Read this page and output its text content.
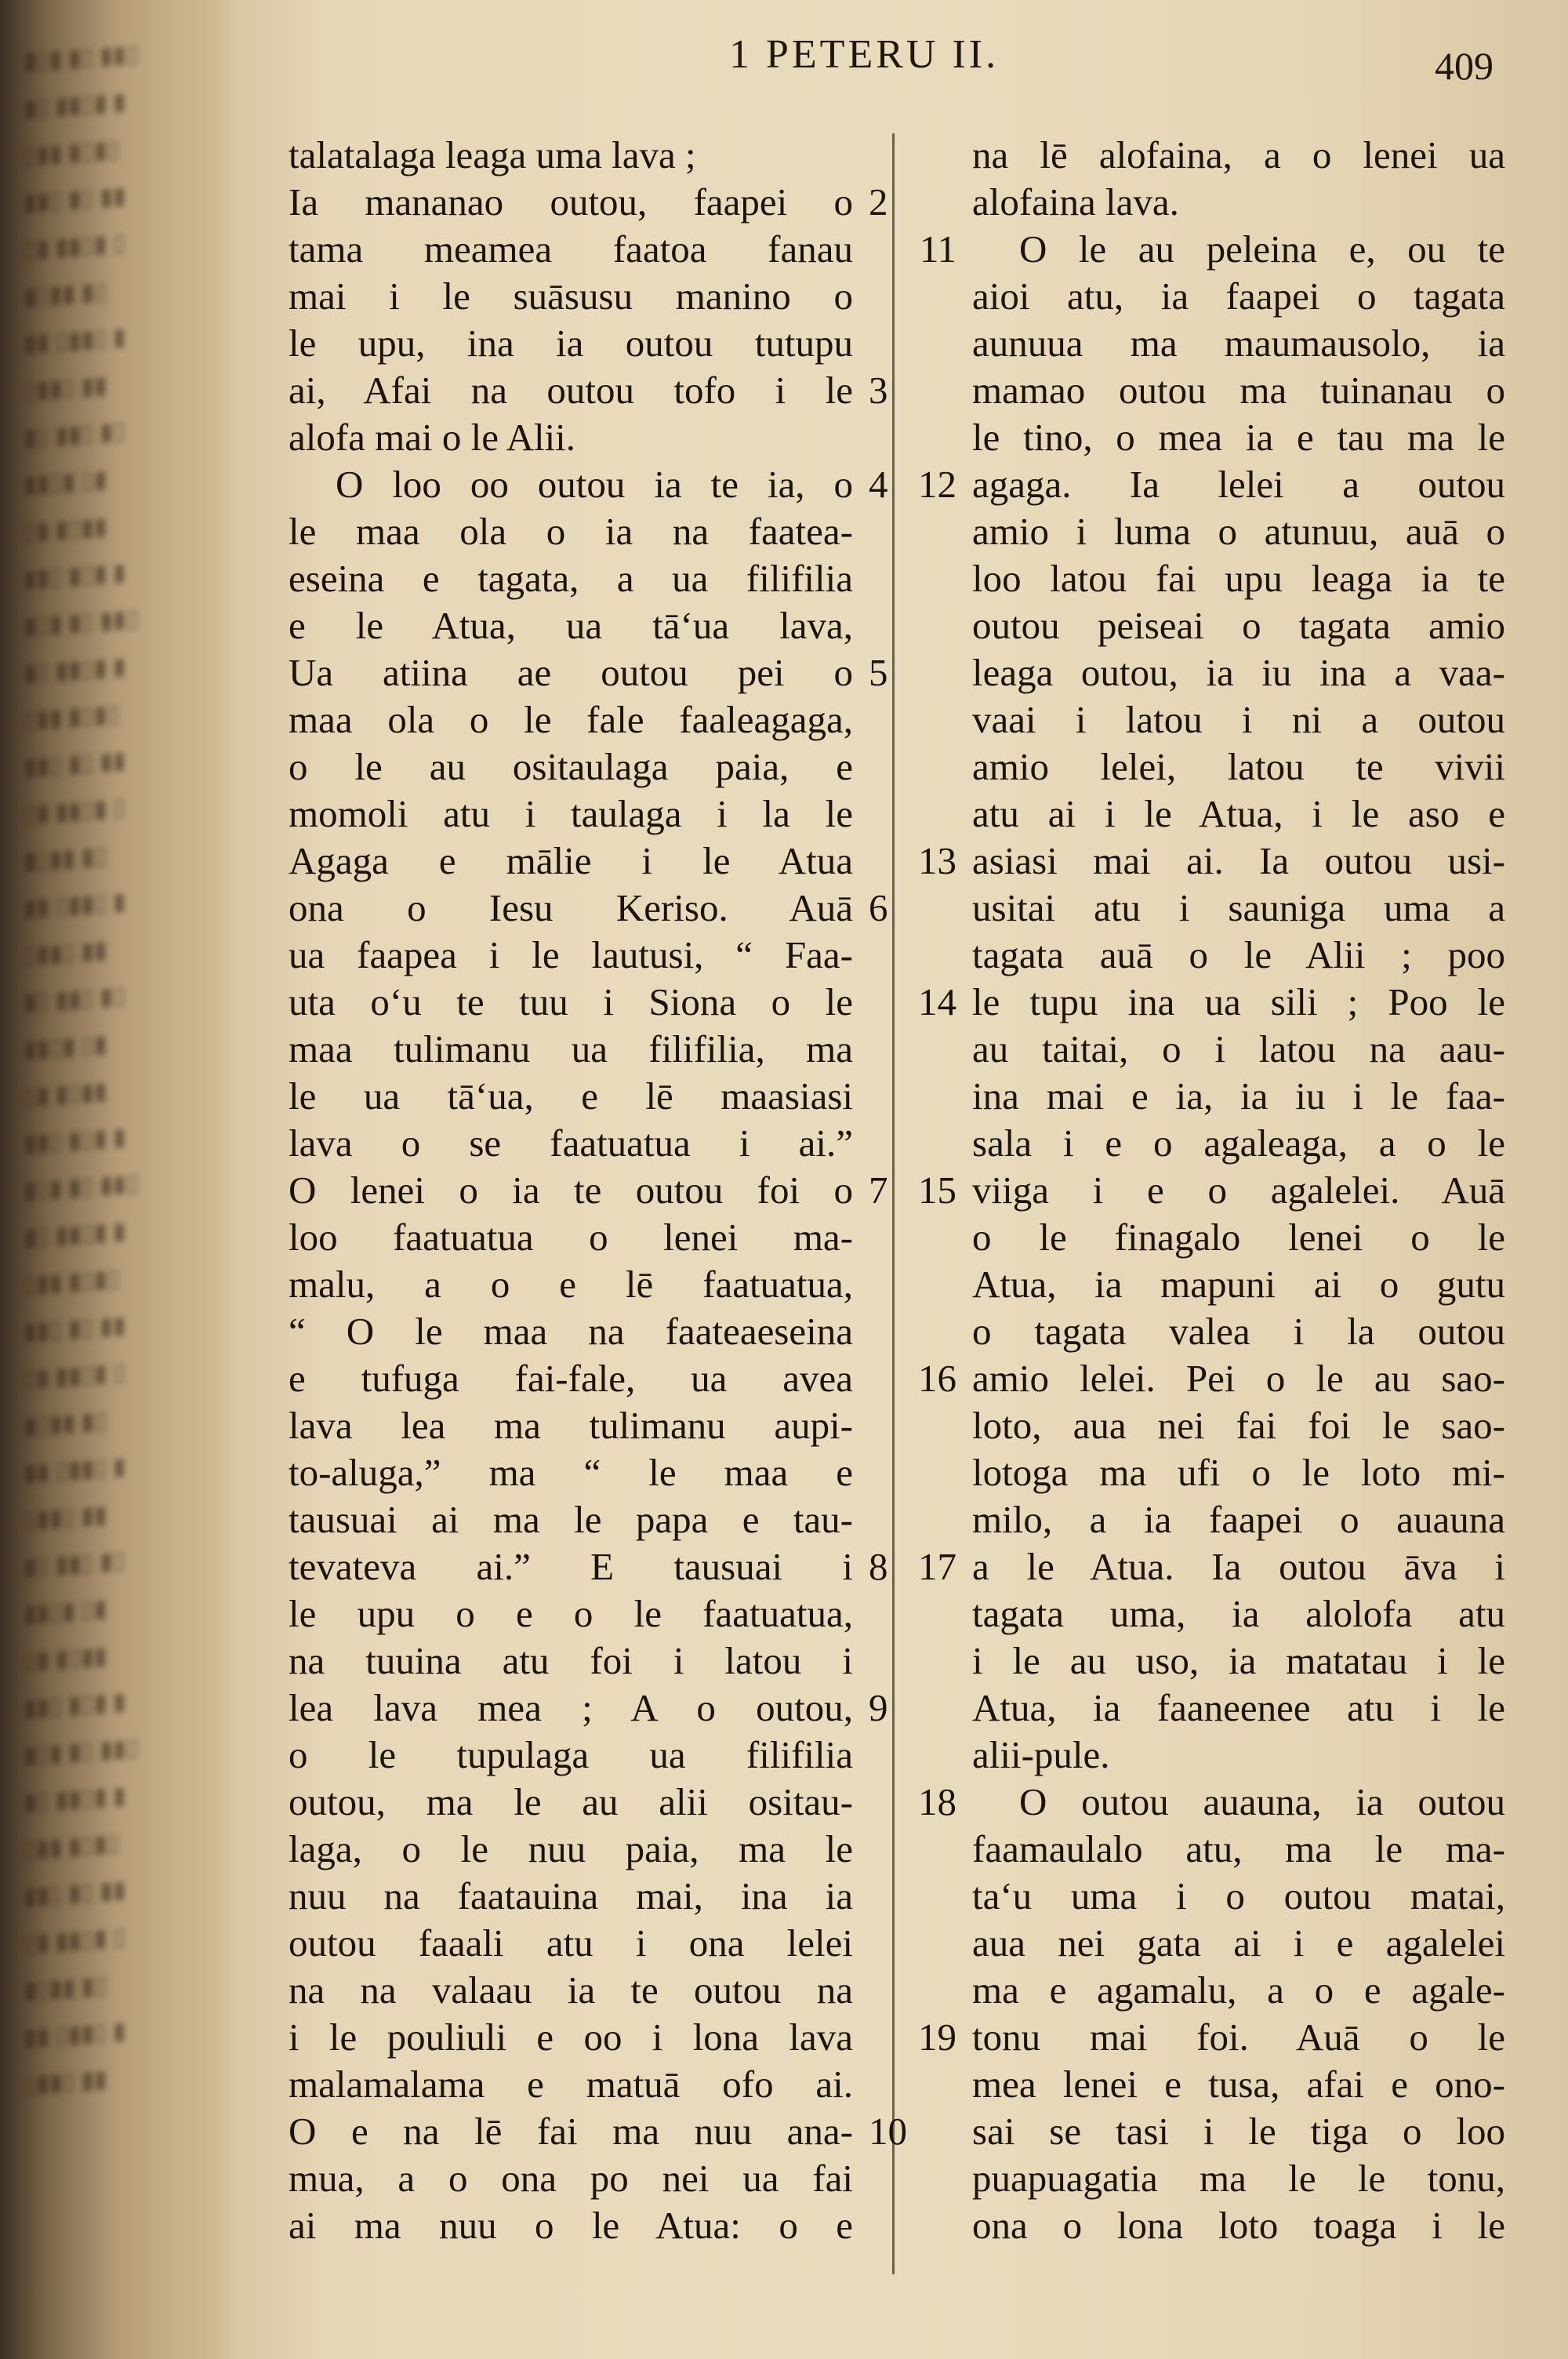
▮▯▮ ▮▯ ▮▮▯
▮▯ ▮▮▯▮ ▮
▯▮▮ ▮▯▮▯
▮▮▯ ▮▯ ▮▮
▯▮ ▮▮▯▮ ▯
▮▯▮▮ ▮▯
▮▮ ▯▮▮▯ ▮
▯▮▮▯ ▮▮
▮▯ ▮▮▯ ▮▯
▮▮▯▮ ▯▮
▯▮ ▮▯▮▮
▮▮▯ ▮▯▮ ▮
▮▯▮ ▮▯ ▮▮▯
▮▯ ▮▮▯▮ ▮
▯▮▮ ▮▯▮▯
▮▮▯ ▮▯ ▮▮
▯▮ ▮▮▯▮ ▯
▮▯▮▮ ▮▯
▮▮ ▯▮▮▯ ▮
▯▮▮▯ ▮▮
▮▯ ▮▮▯ ▮▯
▮▮▯▮ ▯▮
▯▮ ▮▯▮▮
▮▮▯ ▮▯▮ ▮
▮▯▮ ▮▯ ▮▮▯
▮▯ ▮▮▯▮ ▮
▯▮▮ ▮▯▮▯
▮▮▯ ▮▯ ▮▮
▯▮ ▮▮▯▮ ▯
▮▯▮▮ ▮▯
▮▮ ▯▮▮▯ ▮
▯▮▮▯ ▮▮
▮▯ ▮▮▯ ▮▯
▮▮▯▮ ▯▮
▯▮ ▮▯▮▮
▮▮▯ ▮▯▮ ▮
▮▯▮ ▮▯ ▮▮▯
▮▯ ▮▮▯▮ ▮
▯▮▮ ▮▯▮▯
▮▮▯ ▮▯ ▮▮
▯▮ ▮▮▯▮ ▯
▮▯▮▮ ▮▯
▮▮ ▯▮▮▯ ▮
▯▮▮▯ ▮▮
1 PETERU II.	409
talatalaga leaga uma lava ;
Ia mananao outou, faapei o
tama meamea faatoa fanau
mai i le suāsusu manino o
le upu, ina ia outou tutupu
ai, Afai na outou tofo i le
alofa mai o le Alii.
O loo oo outou ia te ia, o
le maa ola o ia na faatea-
eseina e tagata, a ua filifilia
e le Atua, ua tā‘ua lava,
Ua atiina ae outou pei o
maa ola o le fale faaleagaga,
o le au ositaulaga paia, e
momoli atu i taulaga i la le
Agaga e mālie i le Atua
ona o Iesu Keriso. Auā
ua faapea i le lautusi, “ Faa-
uta o‘u te tuu i Siona o le
maa tulimanu ua filifilia, ma
le ua tā‘ua, e lē maasiasi
lava o se faatuatua i ai.”
O lenei o ia te outou foi o
loo faatuatua o lenei ma-
malu, a o e lē faatuatua,
“ O le maa na faateaeseina
e tufuga fai-fale, ua avea
lava lea ma tulimanu aupi-
to-aluga,” ma “ le maa e
tausuai ai ma le papa e tau-
tevateva ai.” E tausuai i
le upu o e o le faatuatua,
na tuuina atu foi i latou i
lea lava mea ; A o outou,
o le tupulaga ua filifilia
outou, ma le au alii ositau-
laga, o le nuu paia, ma le
nuu na faatauina mai, ina ia
outou faaali atu i ona lelei
na na valaau ia te outou na
i le pouliuli e oo i lona lava
malamalama e matuā ofo ai.
O e na lē fai ma nuu ana-
mua, a o ona po nei ua fai
ai ma nuu o le Atua: o e
na lē alofaina, a o lenei ua
alofaina lava.
O le au peleina e, ou te
aioi atu, ia faapei o tagata
aunuua ma maumausolo, ia
mamao outou ma tuinanau o
le tino, o mea ia e tau ma le
agaga. Ia lelei a outou
amio i luma o atunuu, auā o
loo latou fai upu leaga ia te
outou peiseai o tagata amio
leaga outou, ia iu ina a vaa-
vaai i latou i ni a outou
amio lelei, latou te vivii
atu ai i le Atua, i le aso e
asiasi mai ai. Ia outou usi-
usitai atu i sauniga uma a
tagata auā o le Alii ; poo
le tupu ina ua sili ; Poo le
au taitai, o i latou na aau-
ina mai e ia, ia iu i le faa-
sala i e o agaleaga, a o le
viiga i e o agalelei. Auā
o le finagalo lenei o le
Atua, ia mapuni ai o gutu
o tagata valea i la outou
amio lelei. Pei o le au sao-
loto, aua nei fai foi le sao-
lotoga ma ufi o le loto mi-
milo, a ia faapei o auauna
a le Atua. Ia outou āva i
tagata uma, ia alolofa atu
i le au uso, ia matatau i le
Atua, ia faaneenee atu i le
alii-pule.
O outou auauna, ia outou
faamaulalo atu, ma le ma-
ta‘u uma i o outou matai,
aua nei gata ai i e agalelei
ma e agamalu, a o e agale-
tonu mai foi. Auā o le
mea lenei e tusa, afai e ono-
sai se tasi i le tiga o loo
puapuagatia ma le le tonu,
ona o lona loto toaga i le
2
3
4
5
6
7
8
9
10
11
12
13
14
15
16
17
18
19
